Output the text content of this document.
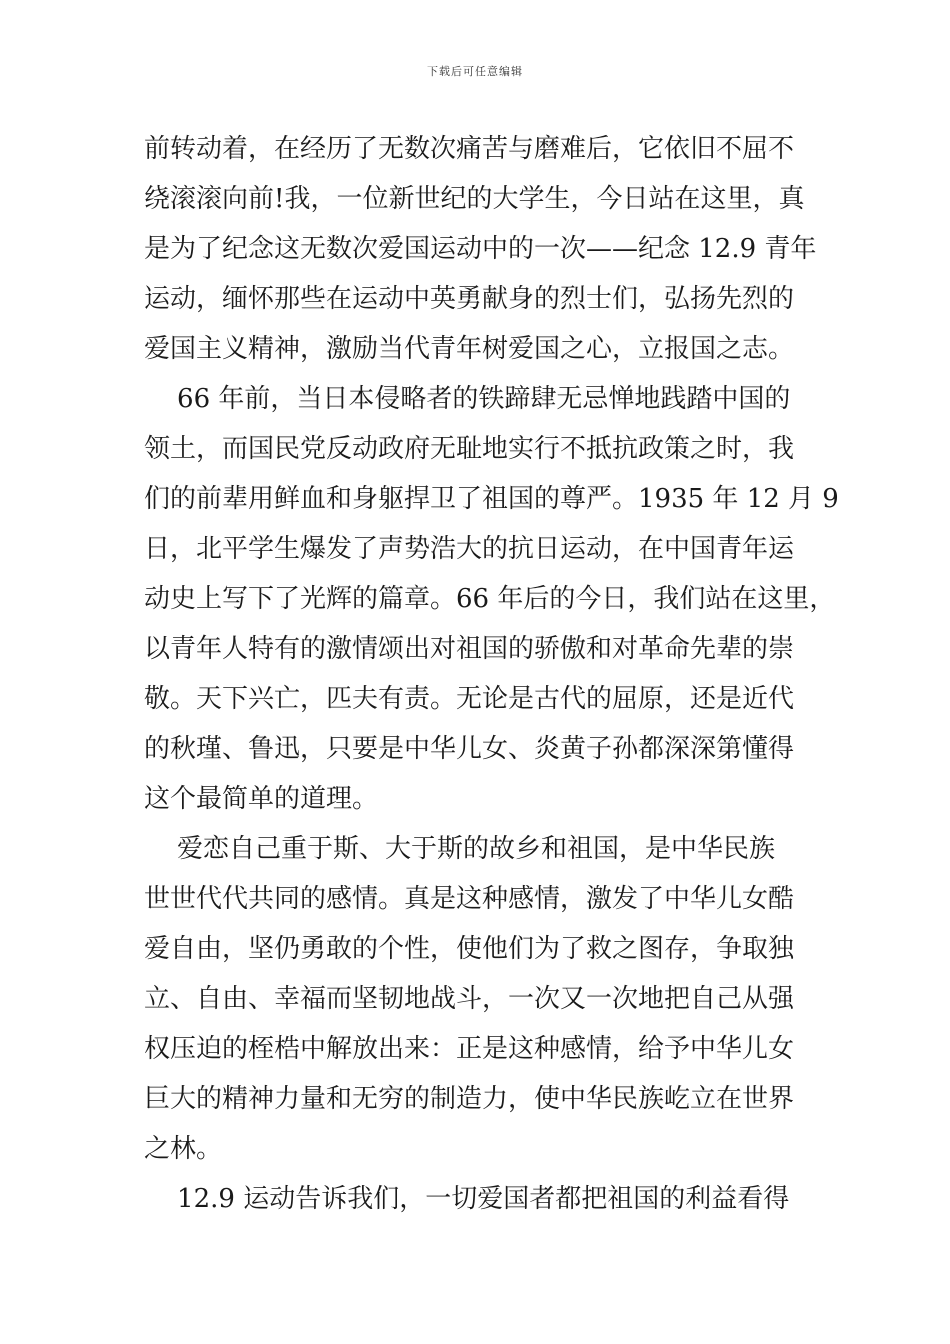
下载后可任意编辑
前转动着，在经历了无数次痛苦与磨难后，它依旧不屈不
绕滚滚向前!我，一位新世纪的大学生，今日站在这里，真
是为了纪念这无数次爱国运动中的一次——纪念 12.9 青年
运动，缅怀那些在运动中英勇献身的烈士们，弘扬先烈的
爱国主义精神，激励当代青年树爱国之心，立报国之志。
66 年前，当日本侵略者的铁蹄肆无忌惮地践踏中国的
领土，而国民党反动政府无耻地实行不抵抗政策之时，我
们的前辈用鲜血和身躯捍卫了祖国的尊严。1935 年 12 月 9
日，北平学生爆发了声势浩大的抗日运动，在中国青年运
动史上写下了光辉的篇章。66 年后的今日，我们站在这里，
以青年人特有的激情颂出对祖国的骄傲和对革命先辈的崇
敬。天下兴亡，匹夫有责。无论是古代的屈原，还是近代
的秋瑾、鲁迅，只要是中华儿女、炎黄子孙都深深第懂得
这个最简单的道理。
爱恋自己重于斯、大于斯的故乡和祖国，是中华民族
世世代代共同的感情。真是这种感情，激发了中华儿女酷
爱自由，坚仍勇敢的个性，使他们为了救之图存，争取独
立、自由、幸福而坚韧地战斗，一次又一次地把自己从强
权压迫的桎梏中解放出来：正是这种感情，给予中华儿女
巨大的精神力量和无穷的制造力，使中华民族屹立在世界
之林。
12.9 运动告诉我们，一切爱国者都把祖国的利益看得
